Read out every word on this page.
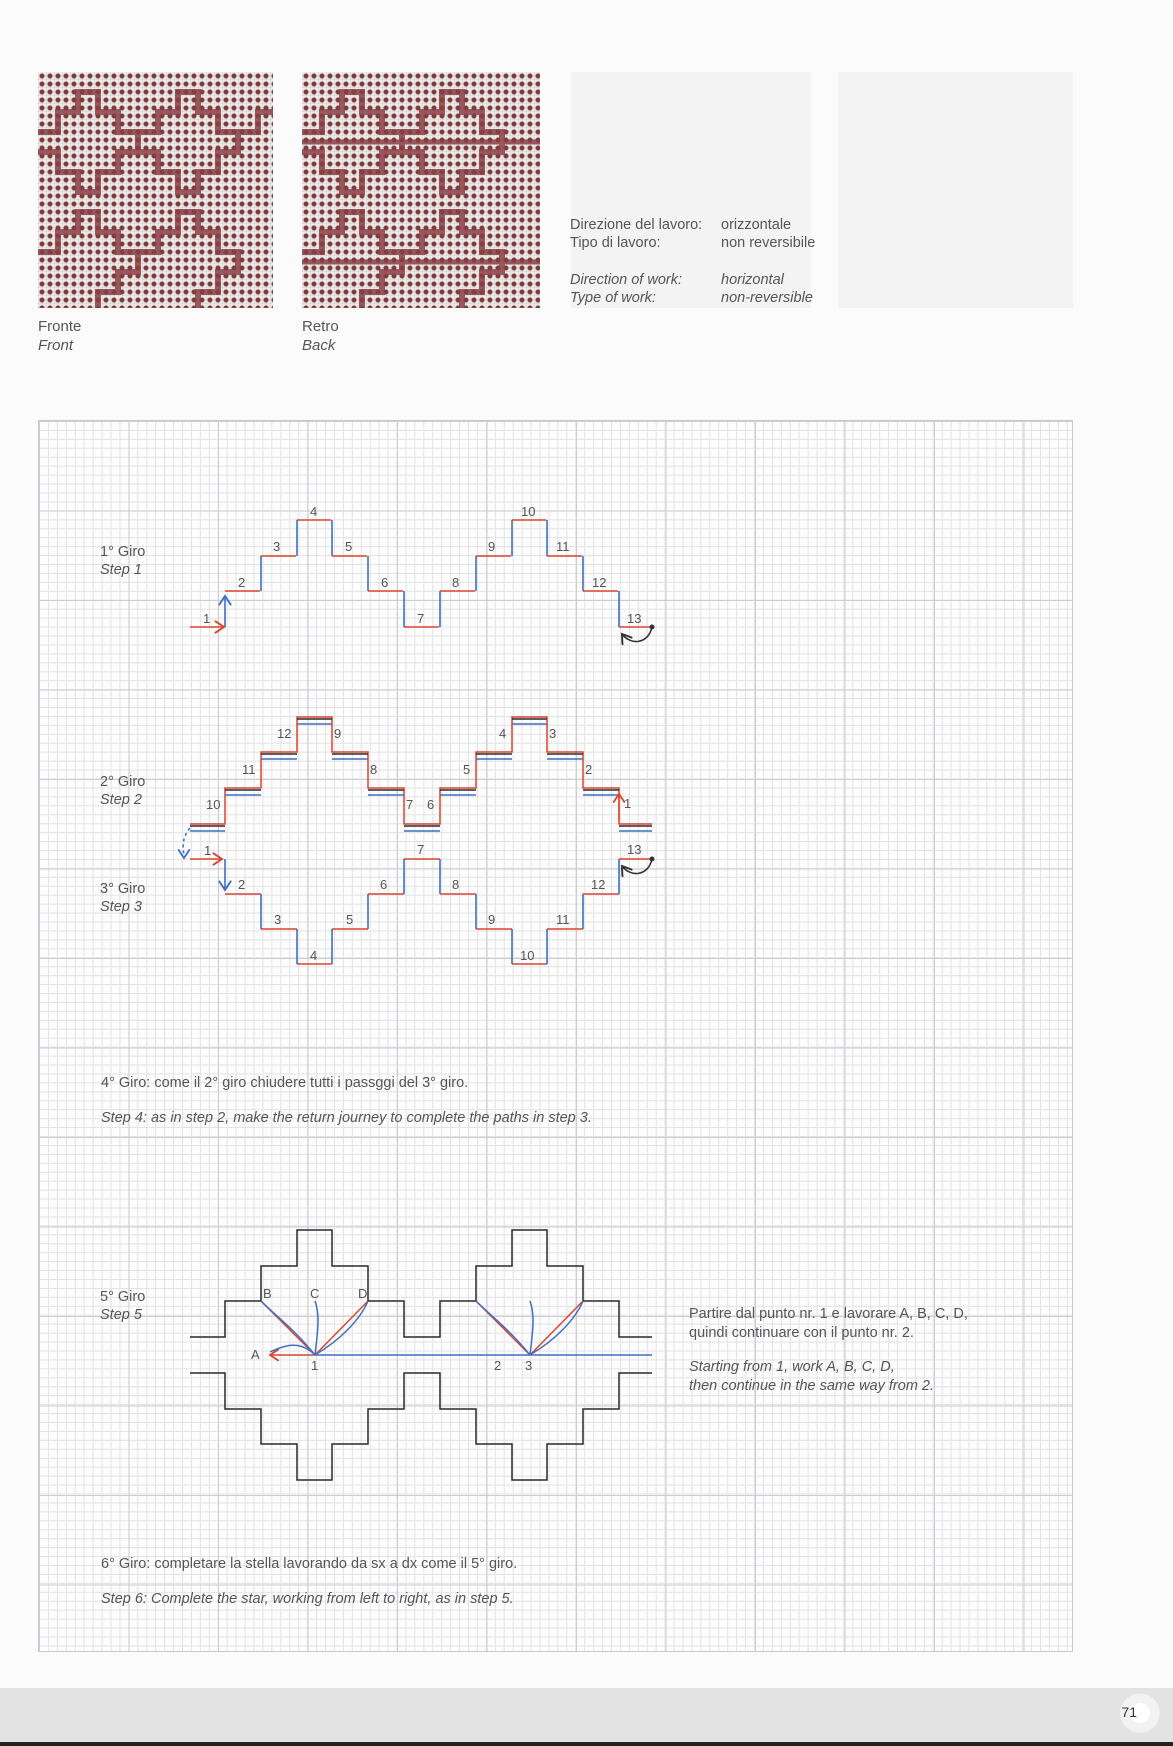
Fronte
Front
Retro
Back
Direzione del lavoro: orizzontale
Tipo di lavoro:	non reversibile
Direction of work:	horizontal
Type of work:	non-reversible
1
2
3
4
5
6
7
8
9
10
11
12
13
1
2
3
4
5
6
7
8
9
10
11
12
1
2
3
4
5
6
7
8
9
10
11
12
13
A
B	C	D
1	2 3
1° Giro
Step 1
2° Giro
Step 2
3° Giro
Step 3
5° Giro
Step 5
4° Giro: come il 2° giro chiudere tutti i passggi del 3° giro.
Step 4: as in step 2, make the return journey to complete the paths in step 3.
Partire dal punto nr. 1 e lavorare A, B, C, D,
quindi continuare con il punto nr. 2.
Starting from 1, work A, B, C, D,
then continue in the same way from 2.
6° Giro: completare la stella lavorando da sx a dx come il 5° giro.
Step 6: Complete the star, working from left to right, as in step 5.
71
